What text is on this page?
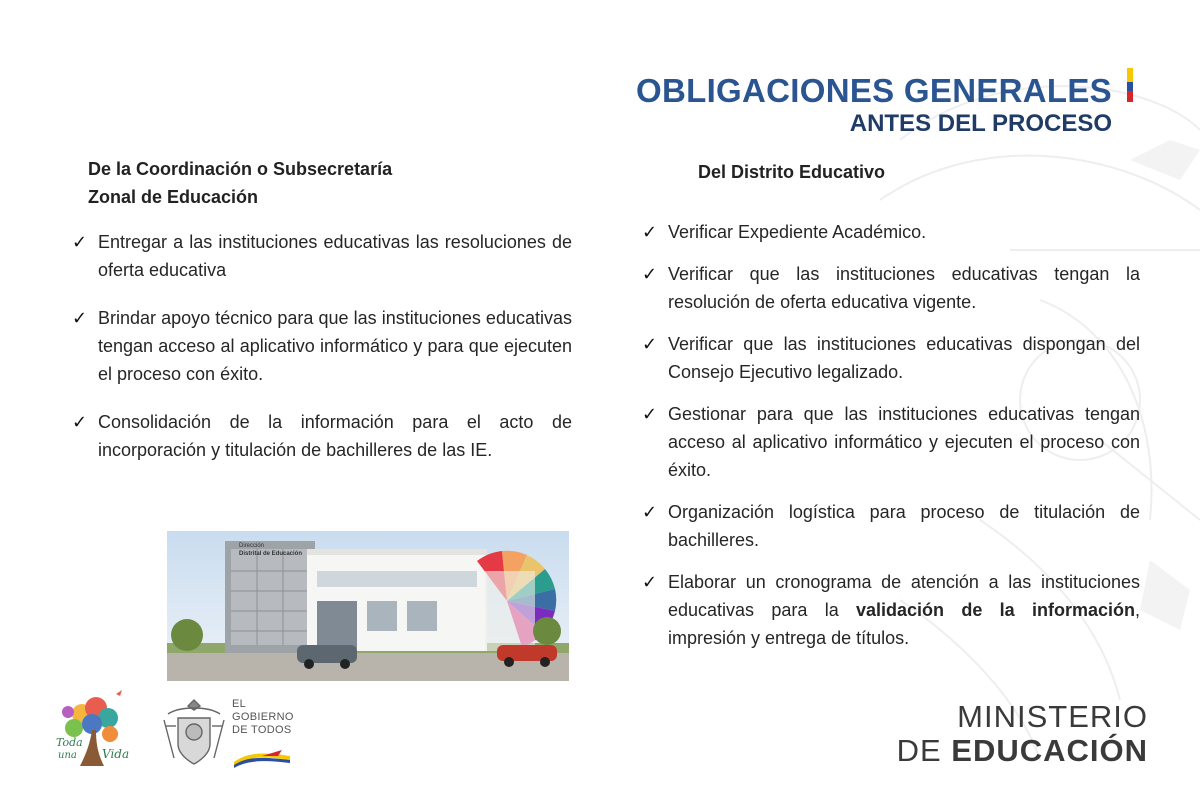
OBLIGACIONES GENERALES
ANTES DEL PROCESO
De la Coordinación o Subsecretaría
Zonal de Educación
✓ Entregar a las instituciones educativas las resoluciones de oferta educativa
✓ Brindar apoyo técnico para que las instituciones educativas tengan acceso al aplicativo informático y para que ejecuten el proceso con éxito.
✓ Consolidación de la información para el acto de incorporación y titulación de bachilleres de las IE.
Del Distrito Educativo
✓ Verificar Expediente Académico.
✓ Verificar que las instituciones educativas tengan la resolución de oferta educativa vigente.
✓ Verificar que las instituciones educativas dispongan del Consejo Ejecutivo legalizado.
✓ Gestionar para que las instituciones educativas tengan acceso al aplicativo informático y ejecuten el proceso con éxito.
✓ Organización logística para proceso de titulación de bachilleres.
✓ Elaborar un cronograma de atención a las instituciones educativas para la validación de la información, impresión y entrega de títulos.
Dirección
Distrital de Educación
Toda
una Vida
EL
GOBIERNO
DE TODOS	MINISTERIO
DE EDUCACIÓN
